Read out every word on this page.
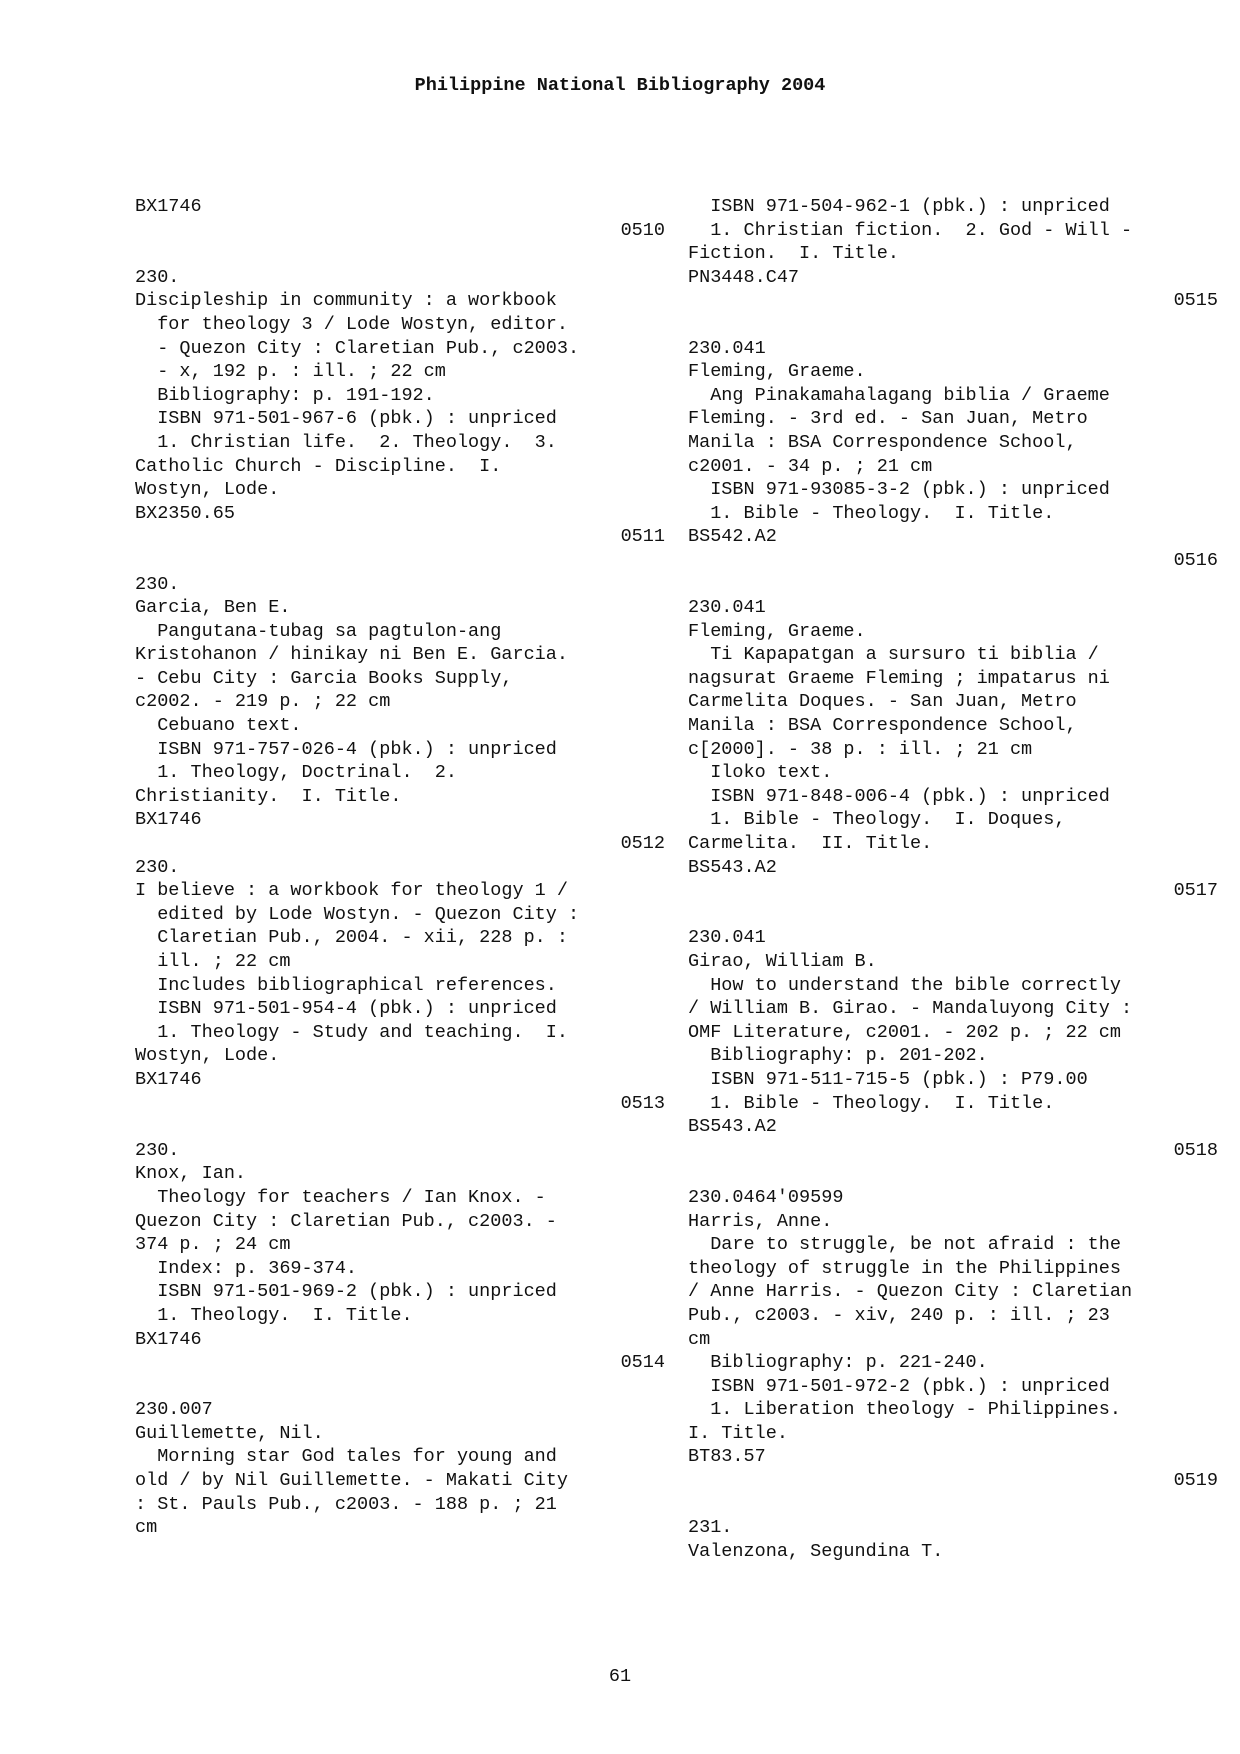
Philippine National Bibliography 2004
BX1746
0510
230.
Discipleship in community : a workbook
for theology 3 / Lode Wostyn, editor.
- Quezon City : Claretian Pub., c2003.
- x, 192 p. : ill. ; 22 cm
Bibliography: p. 191-192.
ISBN 971-501-967-6 (pbk.) : unpriced
1. Christian life.  2. Theology.  3.
Catholic Church - Discipline.  I.
Wostyn, Lode.
BX2350.65
0511
230.
Garcia, Ben E.
Pangutana-tubag sa pagtulon-ang
Kristohanon / hinikay ni Ben E. Garcia.
- Cebu City : Garcia Books Supply,
c2002. - 219 p. ; 22 cm
Cebuano text.
ISBN 971-757-026-4 (pbk.) : unpriced
1. Theology, Doctrinal.  2.
Christianity.  I. Title.
BX1746
0512
230.
I believe : a workbook for theology 1 /
edited by Lode Wostyn. - Quezon City :
Claretian Pub., 2004. - xii, 228 p. :
ill. ; 22 cm
Includes bibliographical references.
ISBN 971-501-954-4 (pbk.) : unpriced
1. Theology - Study and teaching.  I.
Wostyn, Lode.
BX1746
0513
230.
Knox, Ian.
Theology for teachers / Ian Knox. -
Quezon City : Claretian Pub., c2003. -
374 p. ; 24 cm
Index: p. 369-374.
ISBN 971-501-969-2 (pbk.) : unpriced
1. Theology.  I. Title.
BX1746
0514
230.007
Guillemette, Nil.
Morning star God tales for young and
old / by Nil Guillemette. - Makati City
: St. Pauls Pub., c2003. - 188 p. ; 21
cm
ISBN 971-504-962-1 (pbk.) : unpriced
1. Christian fiction.  2. God - Will -
Fiction.  I. Title.
PN3448.C47
0515
230.041
Fleming, Graeme.
Ang Pinakamahalagang biblia / Graeme
Fleming. - 3rd ed. - San Juan, Metro
Manila : BSA Correspondence School,
c2001. - 34 p. ; 21 cm
ISBN 971-93085-3-2 (pbk.) : unpriced
1. Bible - Theology.  I. Title.
BS542.A2
0516
230.041
Fleming, Graeme.
Ti Kapapatgan a sursuro ti biblia /
nagsurat Graeme Fleming ; impatarus ni
Carmelita Doques. - San Juan, Metro
Manila : BSA Correspondence School,
c[2000]. - 38 p. : ill. ; 21 cm
Iloko text.
ISBN 971-848-006-4 (pbk.) : unpriced
1. Bible - Theology.  I. Doques,
Carmelita.  II. Title.
BS543.A2
0517
230.041
Girao, William B.
How to understand the bible correctly
/ William B. Girao. - Mandaluyong City :
OMF Literature, c2001. - 202 p. ; 22 cm
Bibliography: p. 201-202.
ISBN 971-511-715-5 (pbk.) : P79.00
1. Bible - Theology.  I. Title.
BS543.A2
0518
230.0464'09599
Harris, Anne.
Dare to struggle, be not afraid : the
theology of struggle in the Philippines
/ Anne Harris. - Quezon City : Claretian
Pub., c2003. - xiv, 240 p. : ill. ; 23
cm
Bibliography: p. 221-240.
ISBN 971-501-972-2 (pbk.) : unpriced
1. Liberation theology - Philippines.
I. Title.
BT83.57
0519
231.
Valenzona, Segundina T.
61
